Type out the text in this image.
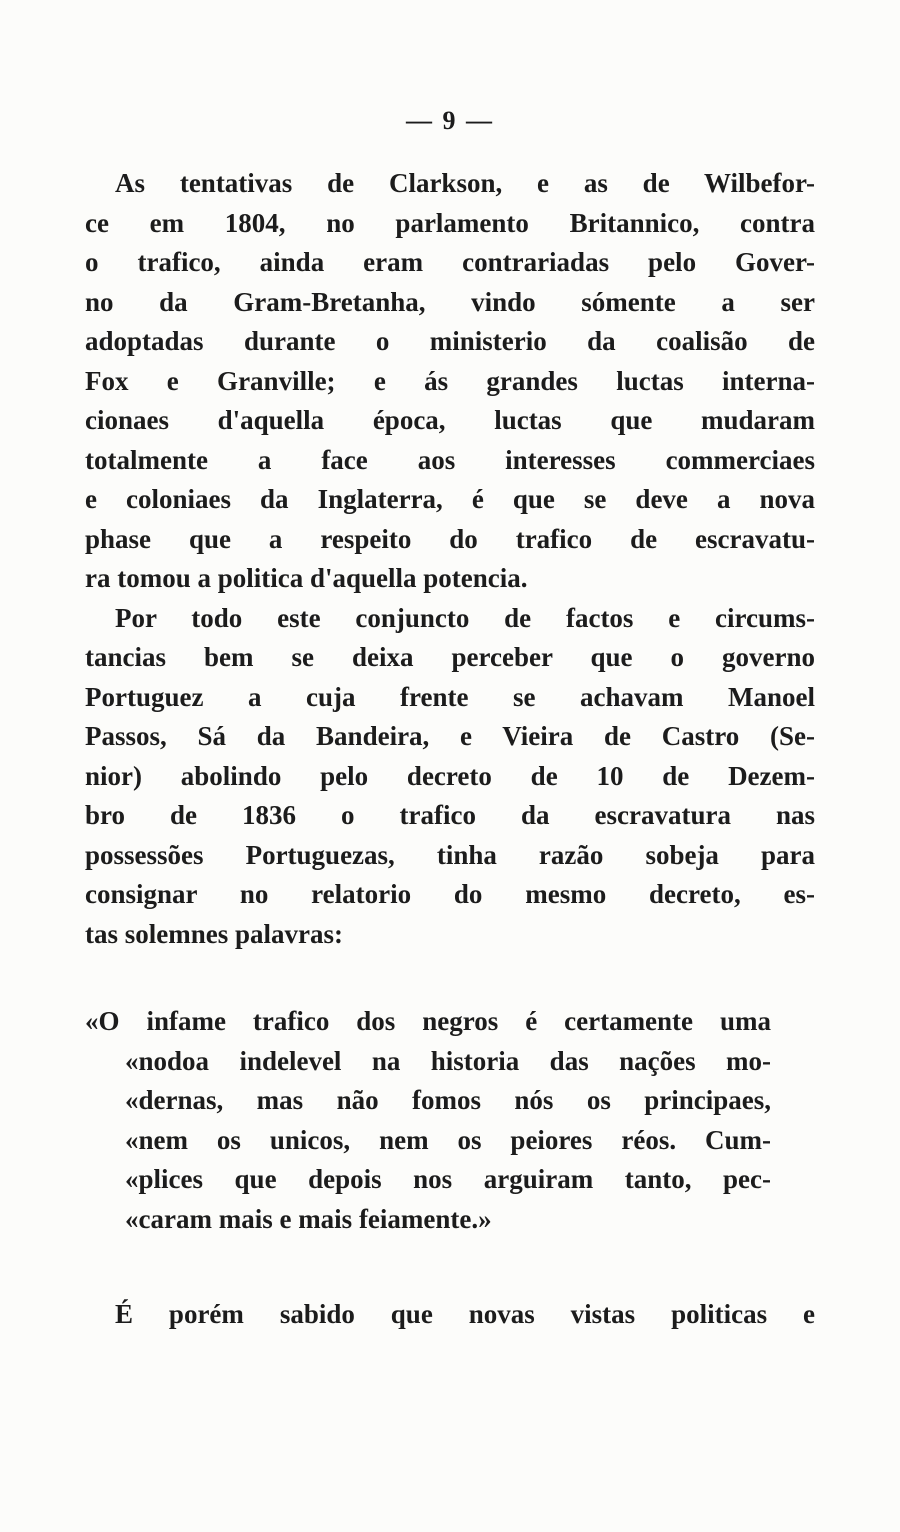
— 9 —
As tentativas de Clarkson, e as de Wilbefor-
ce em 1804, no parlamento Britannico, contra
o trafico, ainda eram contrariadas pelo Gover-
no da Gram-Bretanha, vindo sómente a ser
adoptadas durante o ministerio da coalisão de
Fox e Granville; e ás grandes luctas interna-
cionaes d'aquella época, luctas que mudaram
totalmente a face aos interesses commerciaes
e coloniaes da Inglaterra, é que se deve a nova
phase que a respeito do trafico de escravatu-
ra tomou a politica d'aquella potencia.
Por todo este conjuncto de factos e circums-
tancias bem se deixa perceber que o governo
Portuguez a cuja frente se achavam Manoel
Passos, Sá da Bandeira, e Vieira de Castro (Se-
nior) abolindo pelo decreto de 10 de Dezem-
bro de 1836 o trafico da escravatura nas
possessões Portuguezas, tinha razão sobeja para
consignar no relatorio do mesmo decreto, es-
tas solemnes palavras:
«O infame trafico dos negros é certamente uma
«nodoa indelevel na historia das nações mo-
«dernas, mas não fomos nós os principaes,
«nem os unicos, nem os peiores réos. Cum-
«plices que depois nos arguiram tanto, pec-
«caram mais e mais feiamente.»
É porém sabido que novas vistas politicas e
